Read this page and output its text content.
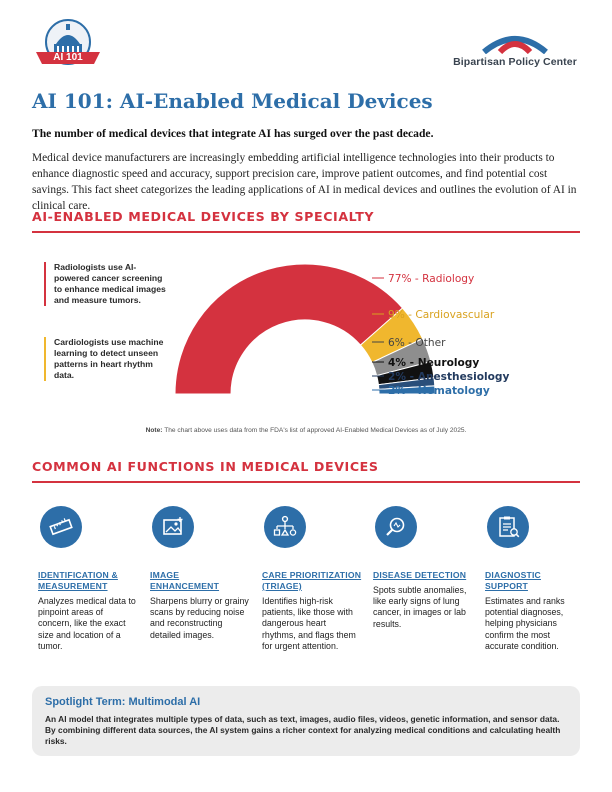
AI 101	Bipartisan Policy Center
AI 101: AI-Enabled Medical Devices

The number of medical devices that integrate AI has surged over the past decade.

Medical device manufacturers are increasingly embedding artificial intelligence technologies into their products to enhance diagnostic speed and accuracy, support precision care, improve patient outcomes, and find potential cost savings. This fact sheet categorizes the leading applications of AI in medical devices and outlines the evolution of AI in clinical care.

AI-ENABLED MEDICAL DEVICES BY SPECIALTY
Radiologists use AI-powered cancer screening to enhance medical images and measure tumors.
Cardiologists use machine learning to detect unseen patterns in heart rhythm data.
77% - Radiology
9% - Cardiovascular
6% - Other
4% - Neurology
2% - Anesthesiology
2% - Hematology
Note: The chart above uses data from the FDA's list of approved AI-Enabled Medical Devices as of July 2025.
COMMON AI FUNCTIONS IN MEDICAL DEVICES
IDENTIFICATION & MEASUREMENT
Analyzes medical data to pinpoint areas of concern, like the exact size and location of a tumor.
IMAGE ENHANCEMENT
Sharpens blurry or grainy scans by reducing noise and reconstructing detailed images.
CARE PRIORITIZATION (TRIAGE)
Identifies high-risk patients, like those with dangerous heart rhythms, and flags them for urgent attention.
DISEASE DETECTION
Spots subtle anomalies, like early signs of lung cancer, in images or lab results.
DIAGNOSTIC SUPPORT
Estimates and ranks potential diagnoses, helping physicians confirm the most accurate condition.
Spotlight Term: Multimodal AI
An AI model that integrates multiple types of data, such as text, images, audio files, videos, genetic information, and sensor data. By combining different data sources, the AI system gains a richer context for analyzing medical conditions and calculating health risks.
